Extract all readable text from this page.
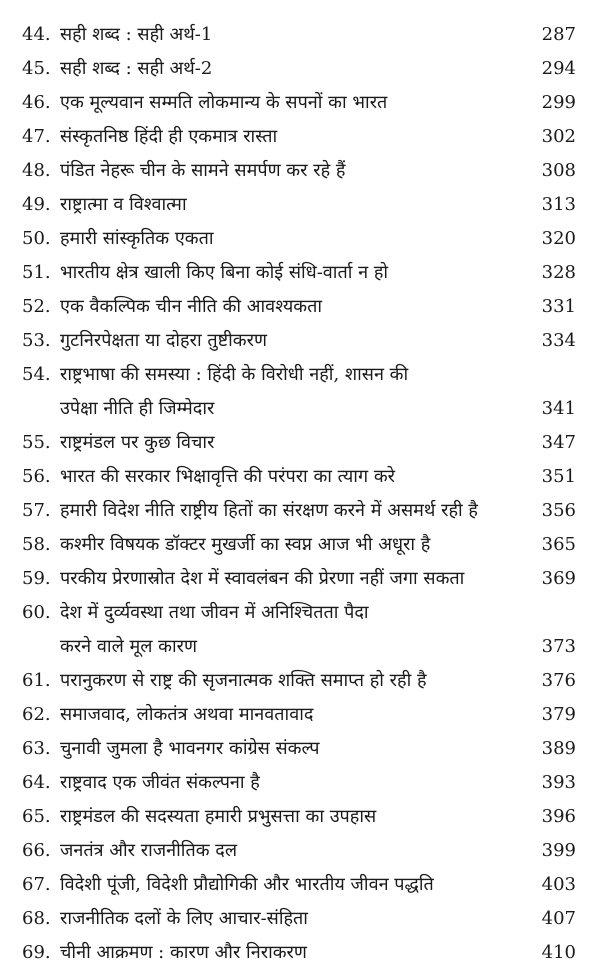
44. सही शब्द : सही अर्थ-1	287
45. सही शब्द : सही अर्थ-2	294
46. एक मूल्यवान सम्मति लोकमान्य के सपनों का भारत	299
47. संस्कृतनिष्ठ हिंदी ही एकमात्र रास्ता	302
48. पंडित नेहरू चीन के सामने समर्पण कर रहे हैं	308
49. राष्ट्रात्मा व विश्वात्मा	313
50. हमारी सांस्कृतिक एकता	320
51. भारतीय क्षेत्र खाली किए बिना कोई संधि-वार्ता न हो	328
52. एक वैकल्पिक चीन नीति की आवश्यकता	331
53. गुटनिरपेक्षता या दोहरा तुष्टीकरण	334
54. राष्ट्रभाषा की समस्या : हिंदी के विरोधी नहीं, शासन की
उपेक्षा नीति ही जिम्मेदार	341
55. राष्ट्रमंडल पर कुछ विचार	347
56. भारत की सरकार भिक्षावृत्ति की परंपरा का त्याग करे	351
57. हमारी विदेश नीति राष्ट्रीय हितों का संरक्षण करने में असमर्थ रही है	356
58. कश्मीर विषयक डॉक्टर मुखर्जी का स्वप्न आज भी अधूरा है	365
59. परकीय प्रेरणास्रोत देश में स्वावलंबन की प्रेरणा नहीं जगा सकता	369
60. देश में दुर्व्यवस्था तथा जीवन में अनिश्चितता पैदा
करने वाले मूल कारण	373
61. परानुकरण से राष्ट्र की सृजनात्मक शक्ति समाप्त हो रही है	376
62. समाजवाद, लोकतंत्र अथवा मानवतावाद	379
63. चुनावी जुमला है भावनगर कांग्रेस संकल्प	389
64. राष्ट्रवाद एक जीवंत संकल्पना है	393
65. राष्ट्रमंडल की सदस्यता हमारी प्रभुसत्ता का उपहास	396
66. जनतंत्र और राजनीतिक दल	399
67. विदेशी पूंजी, विदेशी प्रौद्योगिकी और भारतीय जीवन पद्धति	403
68. राजनीतिक दलों के लिए आचार-संहिता	407
69. चीनी आक्रमण : कारण और निराकरण	410
